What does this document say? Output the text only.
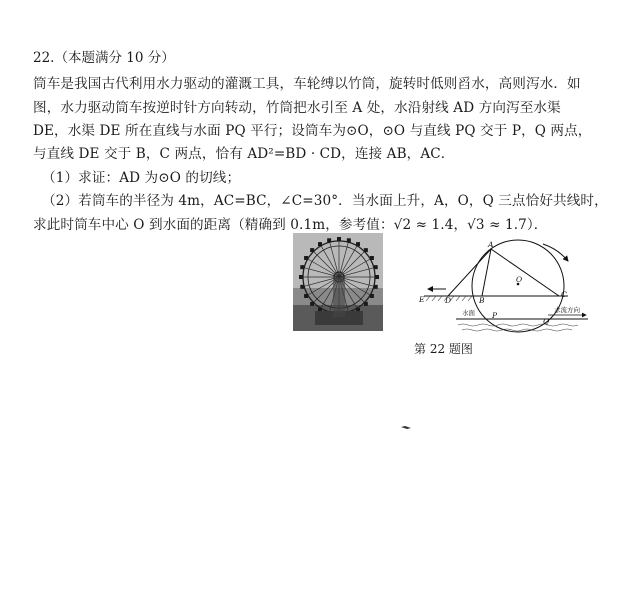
22.（本题满分 10 分）
筒车是我国古代利用水力驱动的灌溉工具，车轮缚以竹筒，旋转时低则舀水，高则泻水．如
图，水力驱动筒车按逆时针方向转动，竹筒把水引至 A 处，水沿射线 AD 方向泻至水渠
DE，水渠 DE 所在直线与水面 PQ 平行；设筒车为⊙O，⊙O 与直线 PQ 交于 P，Q 两点，
与直线 DE 交于 B，C 两点，恰有 AD²=BD · CD，连接 AB，AC．
（1）求证：AD 为⊙O 的切线；
（2）若筒车的半径为 4m，AC=BC，∠C=30°．当水面上升，A，O，Q 三点恰好共线时，
求此时筒车中心 O 到水面的距离（精确到 0.1m，参考值：√2 ≈ 1.4，√3 ≈ 1.7）．
A
O
E	D	B
C
P
Q
水面	水流方向
第 22 题图
